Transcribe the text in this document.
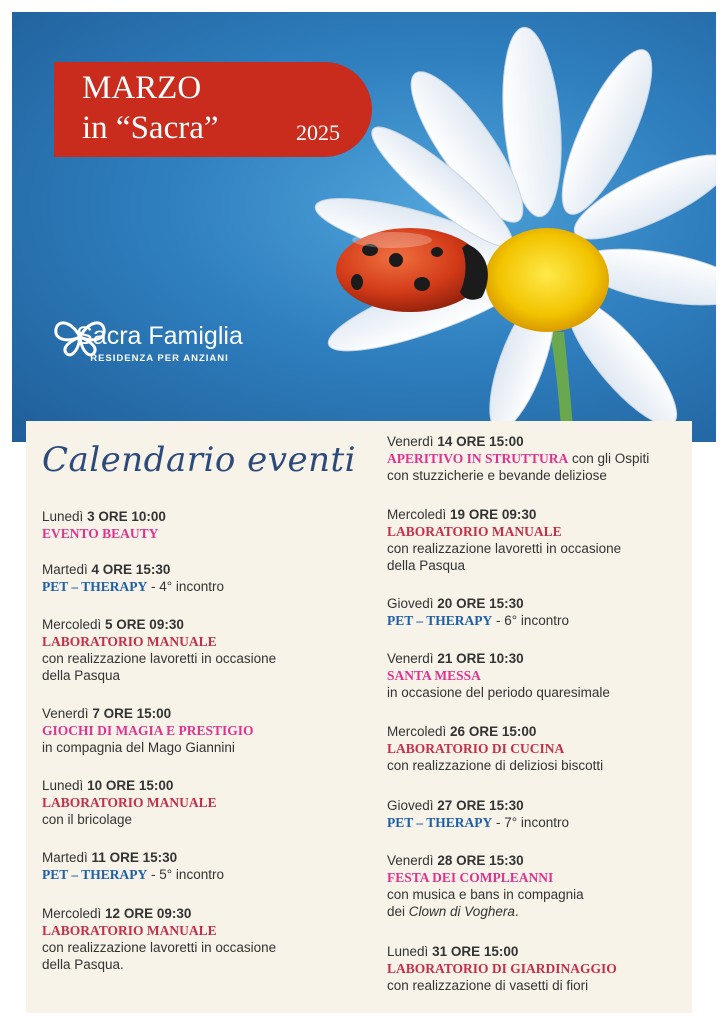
MARZO
in “Sacra”	2025
Sacra Famiglia
RESIDENZA PER ANZIANI
Calendario eventi
Lunedì 3 ORE 10:00
EVENTO BEAUTY
Martedì 4 ORE 15:30
PET – THERAPY - 4° incontro
Mercoledì 5 ORE 09:30
LABORATORIO MANUALE
con realizzazione lavoretti in occasione
della Pasqua
Venerdì 7 ORE 15:00
GIOCHI DI MAGIA E PRESTIGIO
in compagnia del Mago Giannini
Lunedì 10 ORE 15:00
LABORATORIO MANUALE
con il bricolage
Martedì 11 ORE 15:30
PET – THERAPY - 5° incontro
Mercoledì 12 ORE 09:30
LABORATORIO MANUALE
con realizzazione lavoretti in occasione
della Pasqua.
Venerdì 14 ORE 15:00
APERITIVO IN STRUTTURA con gli Ospiti
con stuzzicherie e bevande deliziose
Mercoledì 19 ORE 09:30
LABORATORIO MANUALE
con realizzazione lavoretti in occasione
della Pasqua
Giovedì 20 ORE 15:30
PET – THERAPY - 6° incontro
Venerdì 21 ORE 10:30
SANTA MESSA
in occasione del periodo quaresimale
Mercoledì 26 ORE 15:00
LABORATORIO DI CUCINA
con realizzazione di deliziosi biscotti
Giovedì 27 ORE 15:30
PET – THERAPY - 7° incontro
Venerdì 28 ORE 15:30
FESTA DEI COMPLEANNI
con musica e bans in compagnia
dei Clown di Voghera.
Lunedì 31 ORE 15:00
LABORATORIO DI GIARDINAGGIO
con realizzazione di vasetti di fiori
